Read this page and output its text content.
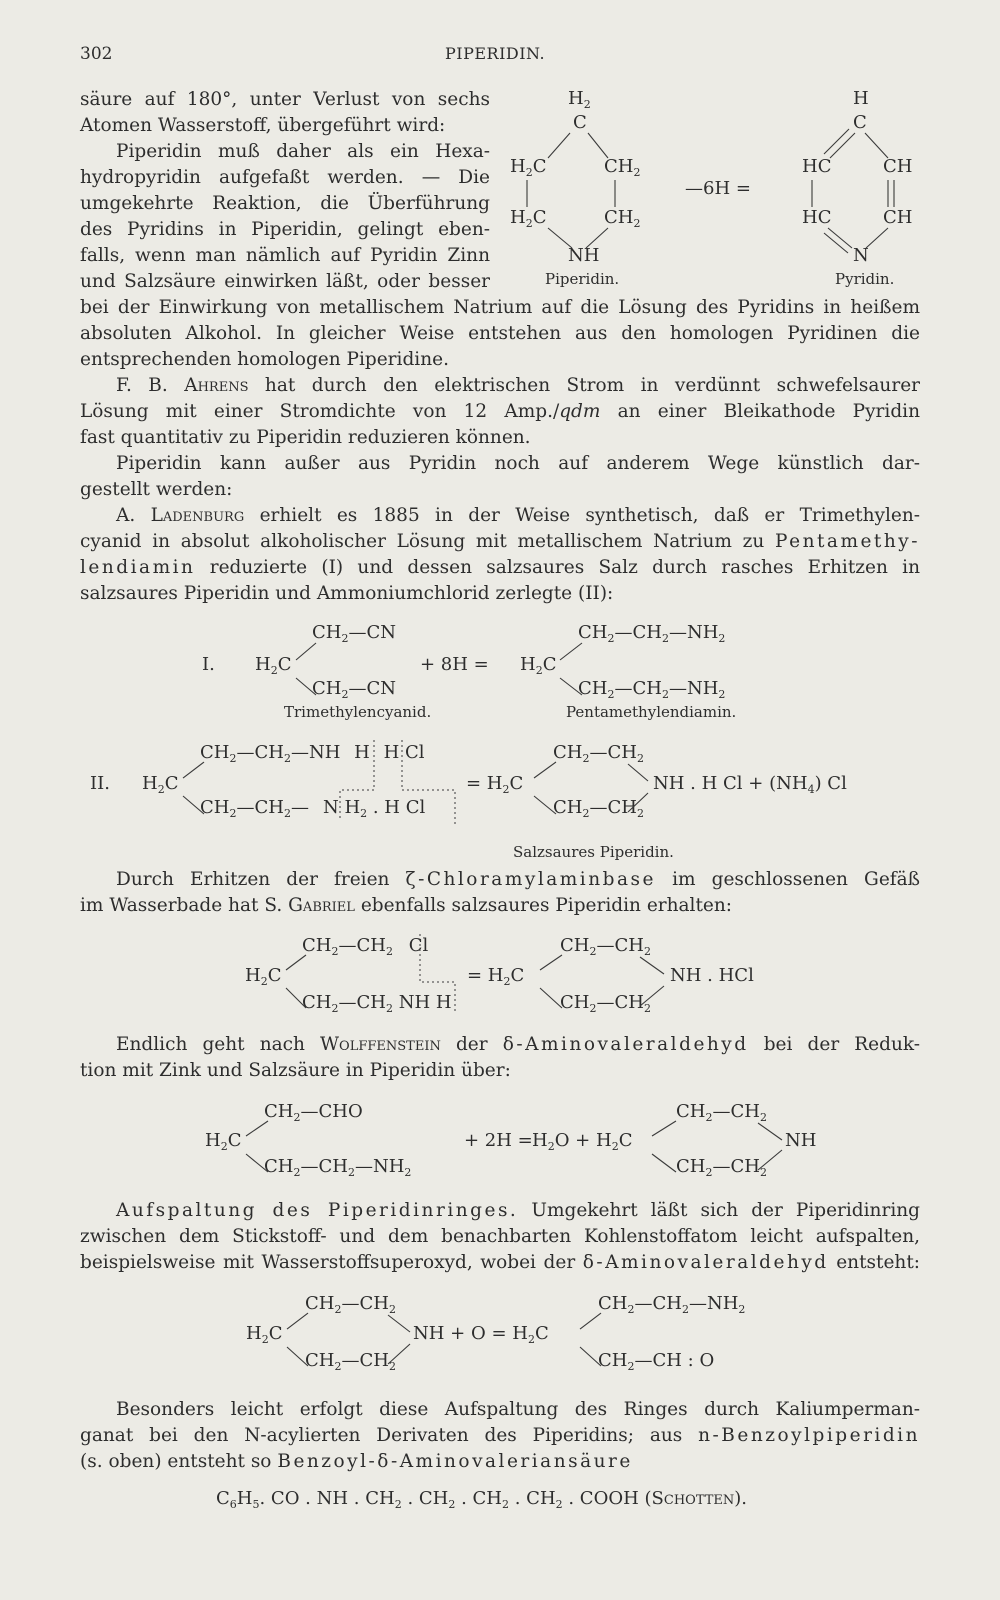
302	PIPERIDIN.
säure auf 180°, unter Verlust von sechs
Atomen Wasserstoff, übergeführt wird:
Piperidin muß daher als ein Hexa-
hydropyridin aufgefaßt werden. — Die
umgekehrte Reaktion, die Überführung
des Pyridins in Piperidin, gelingt eben-
falls, wenn man nämlich auf Pyridin Zinn
und Salzsäure einwirken läßt, oder besser
$H_2$
C
$H_2C$	$CH_2$
$H_2C$	$CH_2$
NH
Piperidin.
—6H =
H
C
HC	CH
HC	CH
N
Pyridin.
bei der Einwirkung von metallischem Natrium auf die Lösung des Pyridins in heißem
absoluten Alkohol. In gleicher Weise entstehen aus den homologen Pyridinen die
entsprechenden homologen Piperidine.
F. B. Ahrens hat durch den elektrischen Strom in verdünnt schwefelsaurer
Lösung mit einer Stromdichte von 12 Amp./qdm an einer Bleikathode Pyridin
fast quantitativ zu Piperidin reduzieren können.
Piperidin kann außer aus Pyridin noch auf anderem Wege künstlich dar-
gestellt werden:
A. Ladenburg erhielt es 1885 in der Weise synthetisch, daß er Trimethylen-
cyanid in absolut alkoholischer Lösung mit metallischem Natrium zu Pentamethy-
lendiamin reduzierte (I) und dessen salzsaures Salz durch rasches Erhitzen in
salzsaures Piperidin und Ammoniumchlorid zerlegte (II):
I. $H_2C$
$CH_2—CN$
$CH_2—CN$
+ $8H = H_2C$
$CH_2—CH_2—NH_2$
$CH_2—CH_2—NH_2$
Trimethylencyanid.	Pentamethylendiamin.
II. $H_2C$
$CH_2—CH_2—NH$ H H Cl
$CH_2—CH_2—$ N $H_2$ . H Cl
= $H_2C$
$CH_2—CH_2$
$CH_2—CH_2$
NH . H $Cl + (NH_4)$ Cl
Salzsaures Piperidin.
Durch Erhitzen der freien ζ-Chloramylaminbase im geschlossenen Gefäß
im Wasserbade hat S. Gabriel ebenfalls salzsaures Piperidin erhalten:
$H_2C$
$CH_2—CH_2$ Cl
$CH_2—CH_2$ NH H
= $H_2C$
$CH_2—CH_2$
$CH_2—CH_2$
NH . HCl
Endlich geht nach Wolffenstein der δ-Aminovaleraldehyd bei der Reduk-
tion mit Zink und Salzsäure in Piperidin über:
$H_2C$
$CH_2—CHO$
$CH_2—CH_2—NH_2$
+ $2H = H_2O + H_2C$
$CH_2—CH_2$
$CH_2—CH_2$
NH
Aufspaltung des Piperidinringes. Umgekehrt läßt sich der Piperidinring
zwischen dem Stickstoff- und dem benachbarten Kohlenstoffatom leicht aufspalten,
beispielsweise mit Wasserstoffsuperoxyd, wobei der δ-Aminovaleraldehyd entsteht:
$H_2C$
$CH_2—CH_2$
$CH_2—CH_2$
NH + $O = H_2C$
$CH_2—CH_2—NH_2$
$CH_2—CH$ : O
Besonders leicht erfolgt diese Aufspaltung des Ringes durch Kaliumperman-
ganat bei den N-acylierten Derivaten des Piperidins; aus n-Benzoylpiperidin
(s. oben) entsteht so Benzoyl-δ-Aminovaleriansäure
$C_6H_5$. CO . NH . $CH_2$ . $CH_2$ . $CH_2$ . $CH_2$ . COOH (Schotten).
